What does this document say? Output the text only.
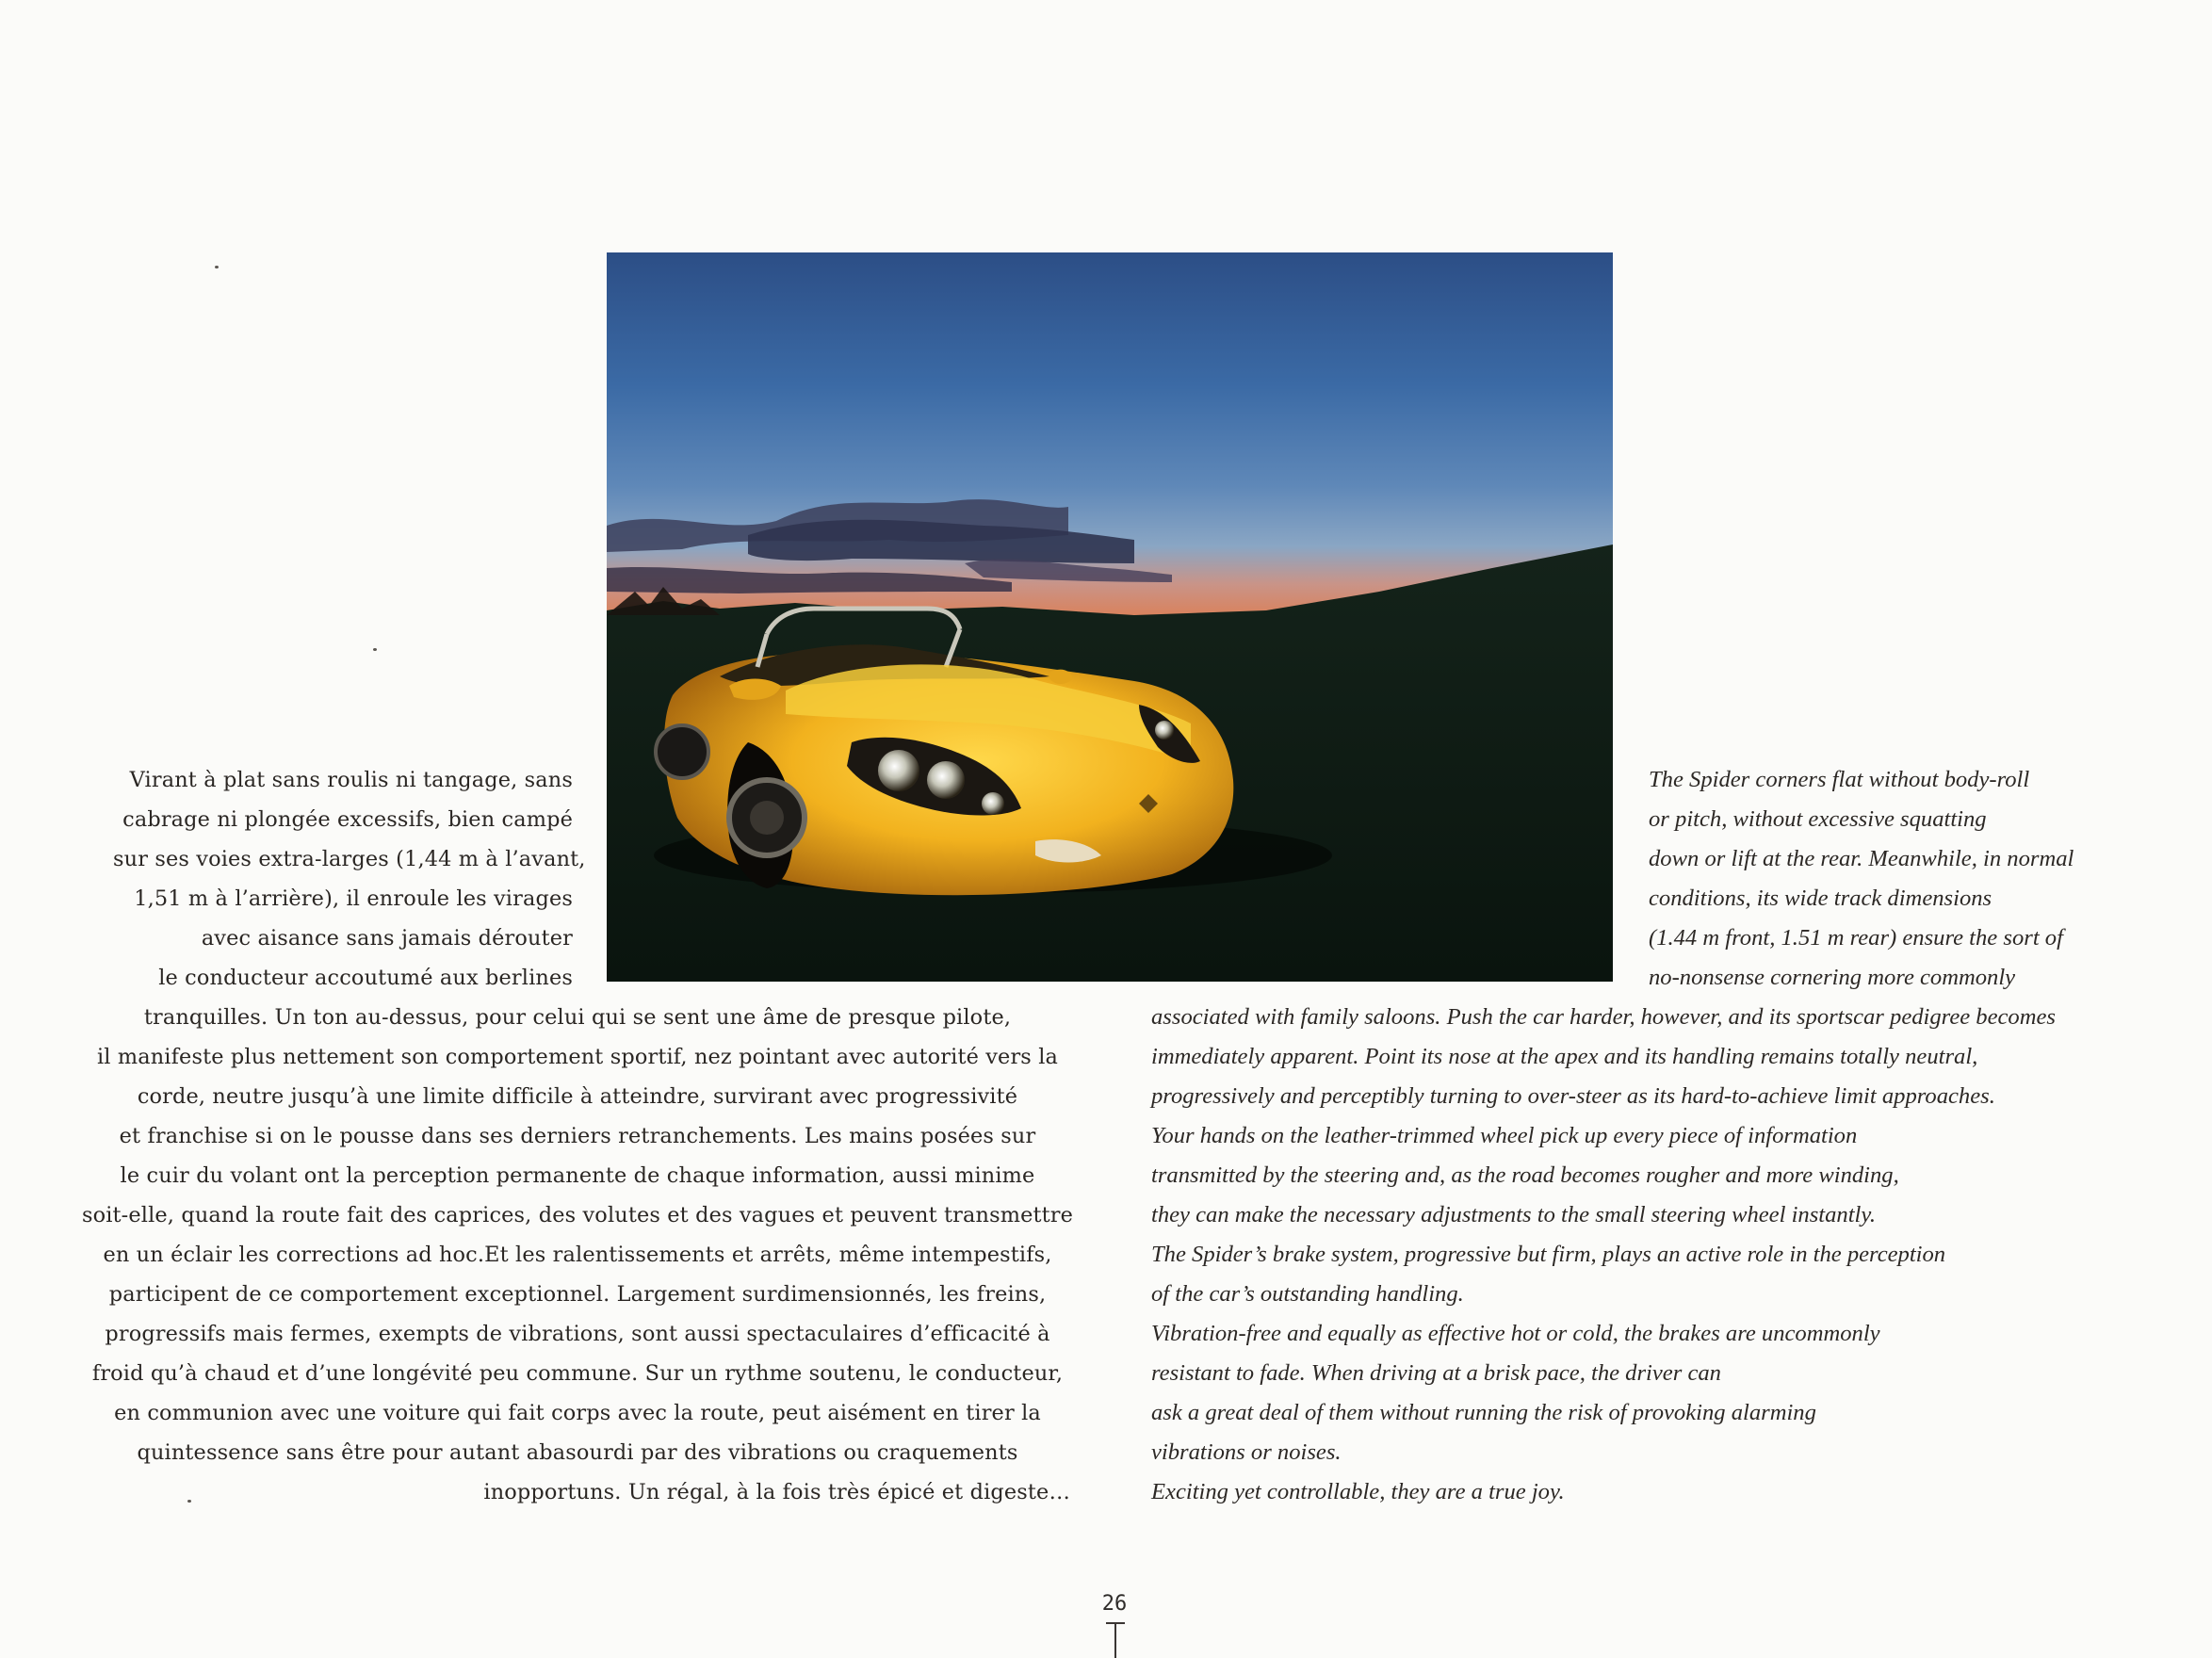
Virant à plat sans roulis ni tangage, sans
cabrage ni plongée excessifs, bien campé
sur ses voies extra-larges (1,44 m à l’avant,
1,51 m à l’arrière), il enroule les virages
avec aisance sans jamais dérouter
le conducteur accoutumé aux berlines

tranquilles. Un ton au-dessus, pour celui qui se sent une âme de presque pilote,
il manifeste plus nettement son comportement sportif, nez pointant avec autorité vers la
corde, neutre jusqu’à une limite difficile à atteindre, survirant avec progressivité
et franchise si on le pousse dans ses derniers retranchements. Les mains posées sur
le cuir du volant ont la perception permanente de chaque information, aussi minime
soit-elle, quand la route fait des caprices, des volutes et des vagues et peuvent transmettre
en un éclair les corrections ad hoc.Et les ralentissements et arrêts, même intempestifs,
participent de ce comportement exceptionnel. Largement surdimensionnés, les freins,
progressifs mais fermes, exempts de vibrations, sont aussi spectaculaires d’efficacité à
froid qu’à chaud et d’une longévité peu commune. Sur un rythme soutenu, le conducteur,
en communion avec une voiture qui fait corps avec la route, peut aisément en tirer la
quintessence sans être pour autant abasourdi par des vibrations ou craquements
inopportuns. Un régal, à la fois très épicé et digeste…

The Spider corners flat without body-roll
or pitch, without excessive squatting
down or lift at the rear. Meanwhile, in normal
conditions, its wide track dimensions
(1.44 m front, 1.51 m rear) ensure the sort of
no-nonsense cornering more commonly

associated with family saloons. Push the car harder, however, and its sportscar pedigree becomes
immediately apparent. Point its nose at the apex and its handling remains totally neutral,
progressively and perceptibly turning to over-steer as its hard-to-achieve limit approaches.
Your hands on the leather-trimmed wheel pick up every piece of information
transmitted by the steering and, as the road becomes rougher and more winding,
they can make the necessary adjustments to the small steering wheel instantly.
The Spider’s brake system, progressive but firm, plays an active role in the perception
of the car’s outstanding handling.
Vibration-free and equally as effective hot or cold, the brakes are uncommonly
resistant to fade. When driving at a brisk pace, the driver can
ask a great deal of them without running the risk of provoking alarming
vibrations or noises.
Exciting yet controllable, they are a true joy.

26
